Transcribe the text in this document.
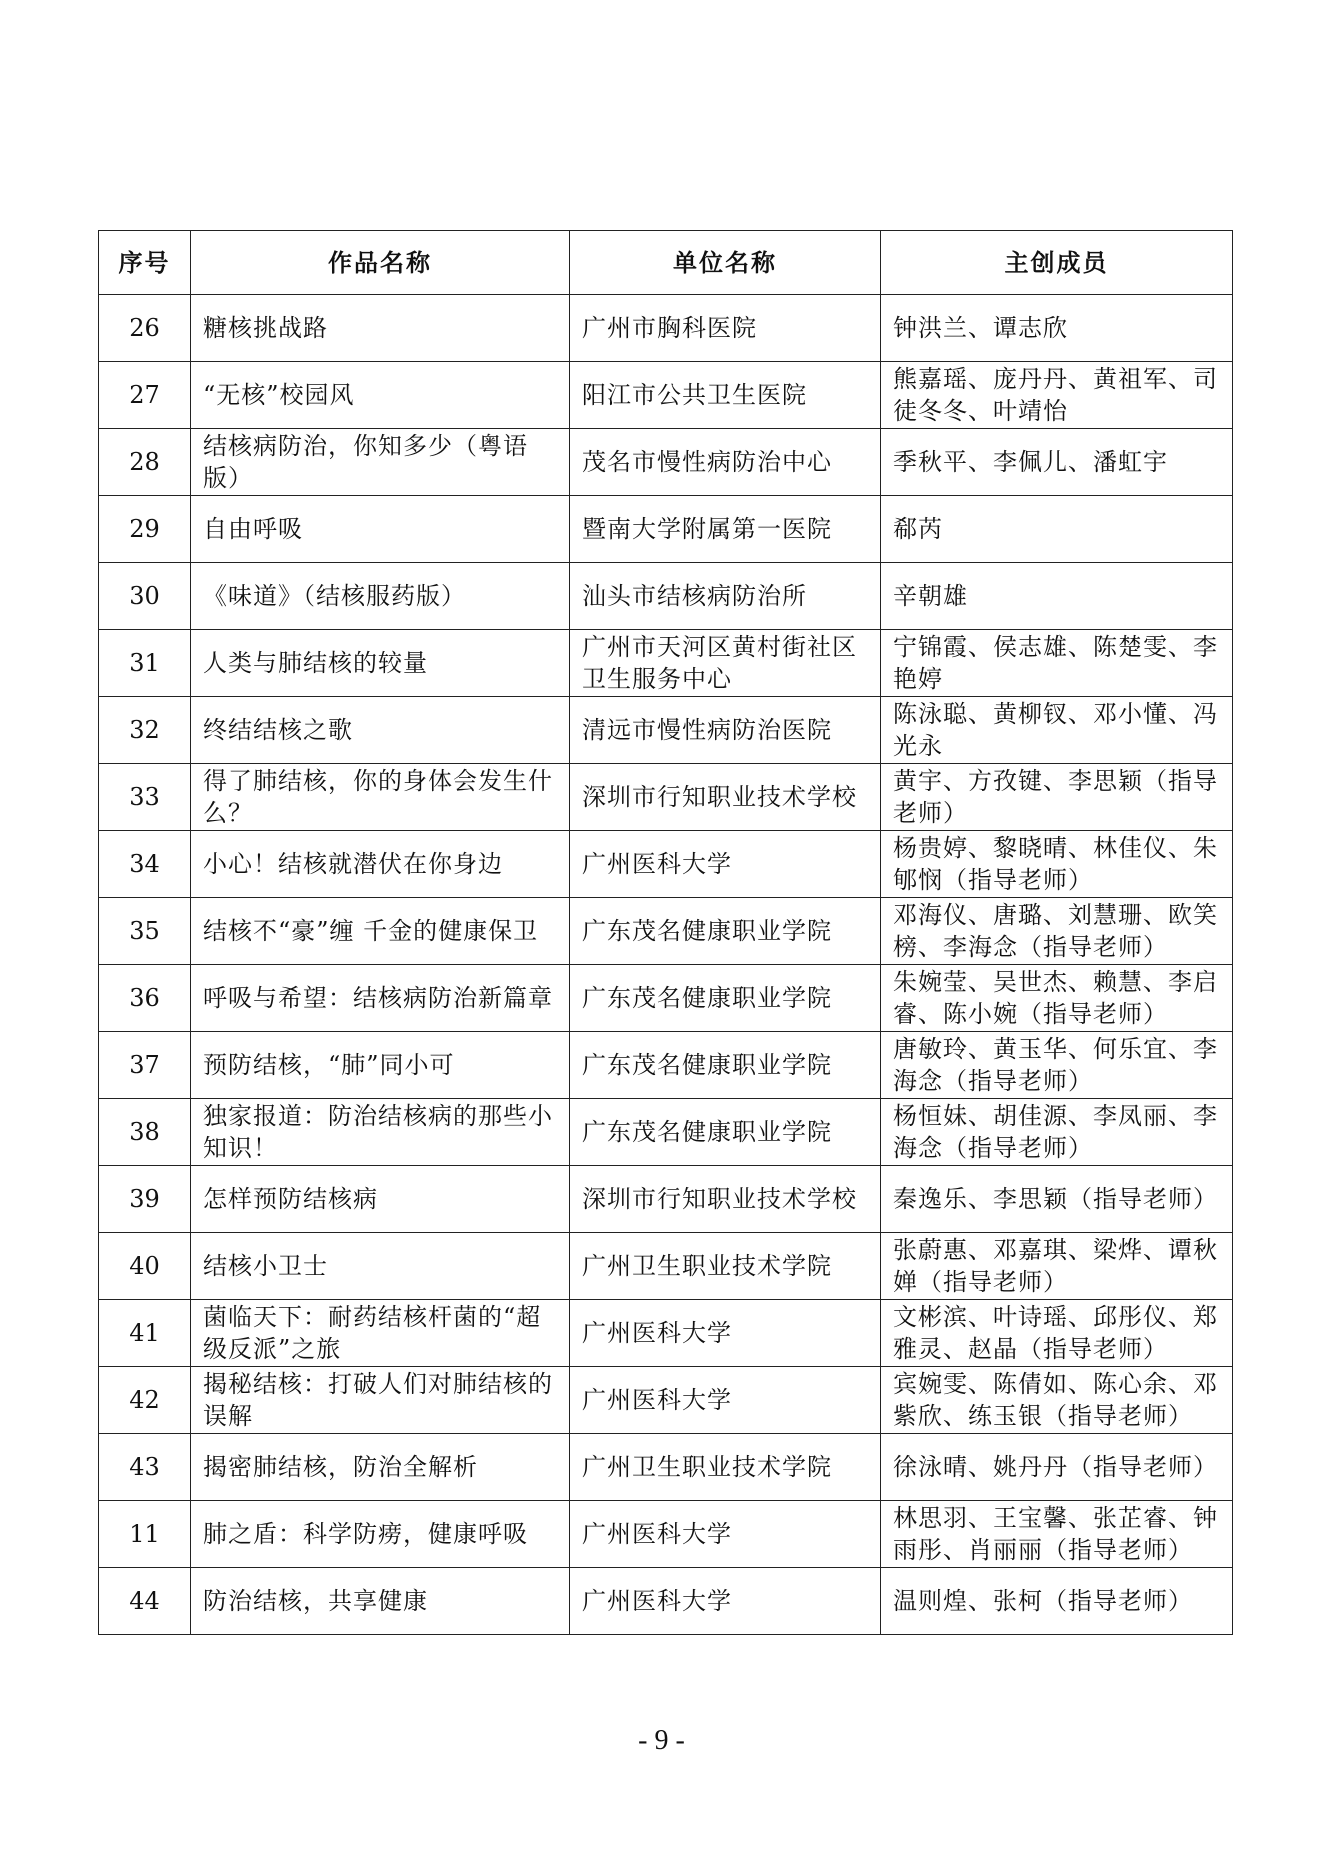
序号	作品名称	单位名称	主创成员
26	糖核挑战路	广州市胸科医院	钟洪兰、谭志欣
27	“无核”校园风	阳江市公共卫生医院	熊嘉瑶、庞丹丹、黄祖军、司徒冬冬、叶靖怡
28	结核病防治，你知多少（粤语版）	茂名市慢性病防治中心	季秋平、李佩儿、潘虹宇
29	自由呼吸	暨南大学附属第一医院	郗芮
30	《味道》（结核服药版）	汕头市结核病防治所	辛朝雄
31	人类与肺结核的较量	广州市天河区黄村街社区卫生服务中心	宁锦霞、侯志雄、陈楚雯、李艳婷
32	终结结核之歌	清远市慢性病防治医院	陈泳聪、黄柳钗、邓小懂、冯光永
33	得了肺结核，你的身体会发生什么？	深圳市行知职业技术学校	黄宇、方孜键、李思颖（指导老师）
34	小心！结核就潜伏在你身边	广州医科大学	杨贵婷、黎晓晴、林佳仪、朱郇悯（指导老师）
35	结核不“豪”缠 千金的健康保卫	广东茂名健康职业学院	邓海仪、唐璐、刘慧珊、欧笑榜、李海念（指导老师）
36	呼吸与希望：结核病防治新篇章	广东茂名健康职业学院	朱婉莹、吴世杰、赖慧、李启睿、陈小婉（指导老师）
37	预防结核，“肺”同小可	广东茂名健康职业学院	唐敏玲、黄玉华、何乐宜、李海念（指导老师）
38	独家报道：防治结核病的那些小知识！	广东茂名健康职业学院	杨恒妹、胡佳源、李凤丽、李海念（指导老师）
39	怎样预防结核病	深圳市行知职业技术学校	秦逸乐、李思颖（指导老师）
40	结核小卫士	广州卫生职业技术学院	张蔚惠、邓嘉琪、梁烨、谭秋婵（指导老师）
41	菌临天下：耐药结核杆菌的“超级反派”之旅	广州医科大学	文彬滨、叶诗瑶、邱彤仪、郑雅灵、赵晶（指导老师）
42	揭秘结核：打破人们对肺结核的误解	广州医科大学	宾婉雯、陈倩如、陈心余、邓紫欣、练玉银（指导老师）
43	揭密肺结核，防治全解析	广州卫生职业技术学院	徐泳晴、姚丹丹（指导老师）
11	肺之盾：科学防痨，健康呼吸	广州医科大学	林思羽、王宝馨、张芷睿、钟雨彤、肖丽丽（指导老师）
44	防治结核，共享健康	广州医科大学	温则煌、张柯（指导老师）
- 9 -
